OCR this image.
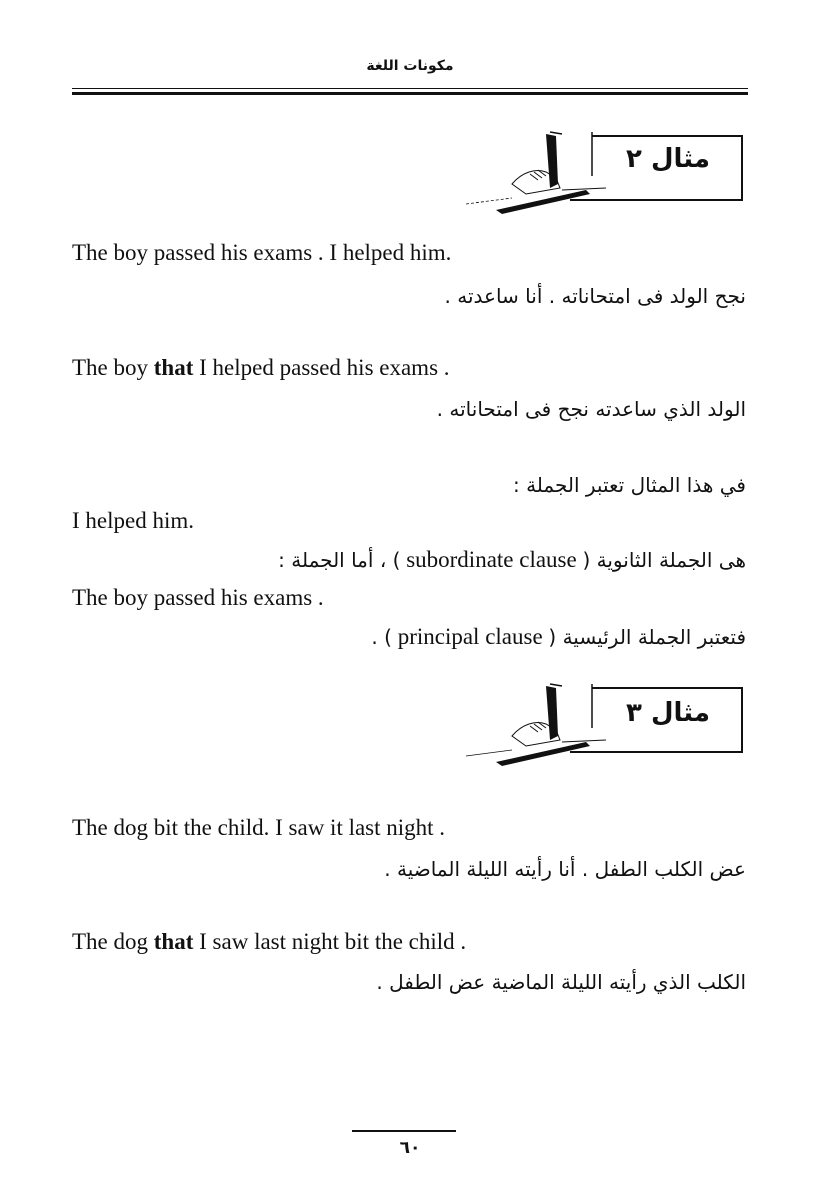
مكونات اللغة
مثال ٢
The boy passed his exams . I helped him.
نجح الولد فى امتحاناته . أنا ساعدته .
The boy that I helped passed his exams .
الولد الذي ساعدته نجح فى امتحاناته .
في هذا المثال تعتبر الجملة :
I helped him.
هى الجملة الثانوية ( subordinate clause ) ، أما الجملة :
The boy passed his exams .
فتعتبر الجملة الرئيسية ( principal clause ) .
مثال ٣
The dog bit the child. I saw it last night .
عض الكلب الطفل . أنا رأيته الليلة الماضية .
The dog that I saw last night bit the child .
الكلب الذي رأيته الليلة الماضية عض الطفل .
٦٠
